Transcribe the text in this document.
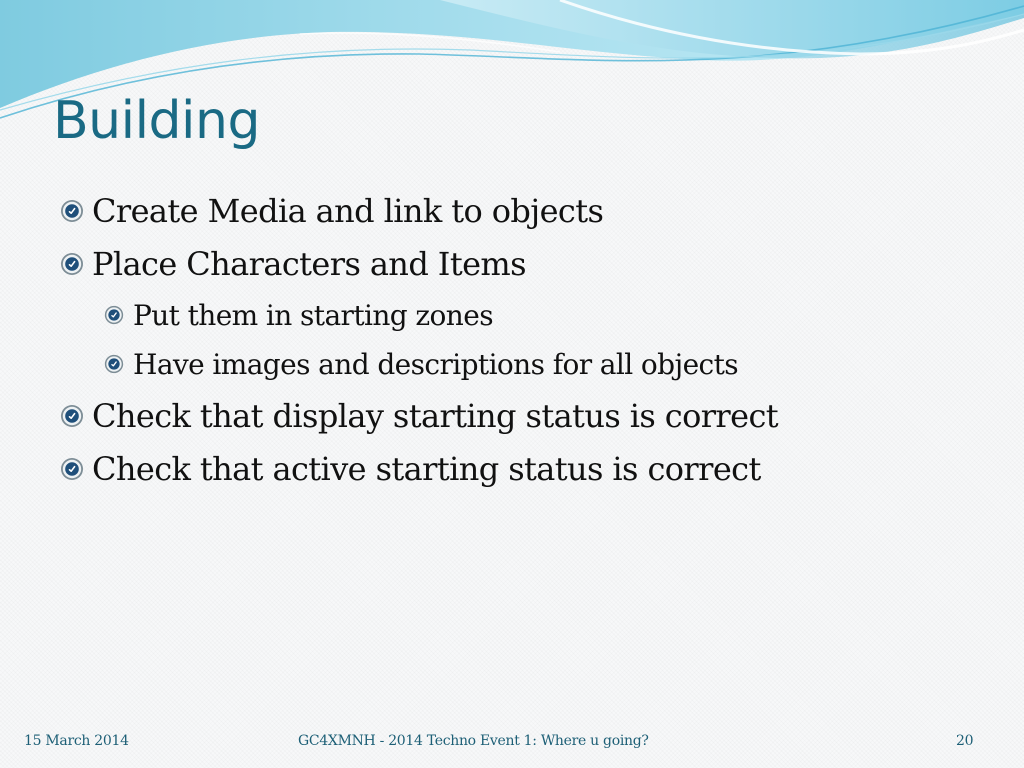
Building
Create Media and link to objects
Place Characters and Items
Put them in starting zones
Have images and descriptions for all objects
Check that display starting status is correct
Check that active starting status is correct
15 March 2014	GC4XMNH - 2014 Techno Event 1: Where u going?	20
